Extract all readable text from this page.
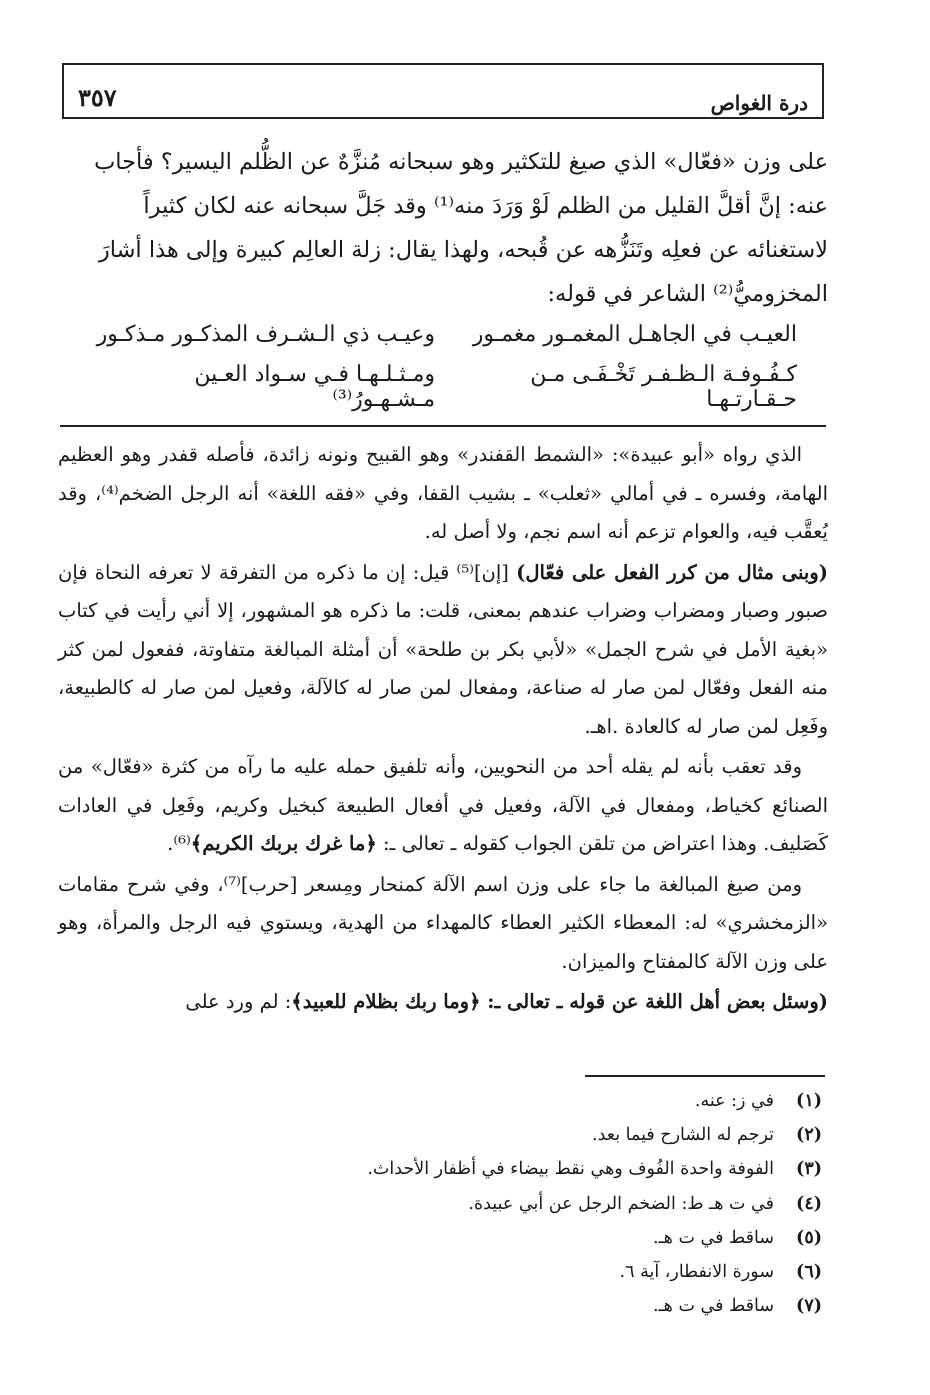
درة الغواص
٣٥٧

على وزن «فعّال» الذي صيغ للتكثير وهو سبحانه مُنزَّهٌ عن الظُّلم اليسير؟ فأجاب

عنه: إنَّ أقلَّ القليل من الظلم لَوْ وَرَدَ منه⁽¹⁾ وقد جَلَّ سبحانه عنه لكان كثيراً

لاستغنائه عن فعلِه وتَنَزُّهه عن قُبحه، ولهذا يقال: زلة العالِم كبيرة وإلى هذا أشارَ

المخزوميُّ⁽²⁾ الشاعر في قوله:

العيـب في الجاهـل المغمـور مغمـور
وعيـب ذي الـشـرف المذكـور مـذكـور
كـفُـوفـة الـظـفـر تَخْـفَـى مـن حـقـارتـهـا
ومـثـلـهـا فـي سـواد العـين مـشـهـورُ⁽³⁾

الذي رواه «أبو عبيدة»: «الشمط القفندر» وهو القبيح ونونه زائدة، فأصله قفدر وهو العظيم الهامة، وفسره ـ في أمالي «ثعلب» ـ بشيب القفا، وفي «فقه اللغة» أنه الرجل الضخم⁽⁴⁾، وقد يُعقَّب فيه، والعوام تزعم أنه اسم نجم، ولا أصل له.

(وبنى مثال من كرر الفعل على فعّال) [إن]⁽⁵⁾ قيل: إن ما ذكره من التفرقة لا تعرفه النحاة فإن صبور وصبار ومضراب وضراب عندهم بمعنى، قلت: ما ذكره هو المشهور، إلا أني رأيت في كتاب «بغية الأمل في شرح الجمل» «لأبي بكر بن طلحة» أن أمثلة المبالغة متفاوتة، ففعول لمن كثر منه الفعل وفعّال لمن صار له صناعة، ومفعال لمن صار له كالآلة، وفعيل لمن صار له كالطبيعة، وفَعِل لمن صار له كالعادة .اهـ.

وقد تعقب بأنه لم يقله أحد من النحويين، وأنه تلفيق حمله عليه ما رآه من كثرة «فعّال» من الصنائع كخياط، ومفعال في الآلة، وفعيل في أفعال الطبيعة كبخيل وكريم، وفَعِل في العادات كَصَليف. وهذا اعتراض من تلقن الجواب كقوله ـ تعالى ـ: ﴿ما غرك بربك الكريم﴾⁽⁶⁾.

ومن صيغ المبالغة ما جاء على وزن اسم الآلة كمنحار ومِسعر [حرب]⁽⁷⁾، وفي شرح مقامات «الزمخشري» له: المعطاء الكثير العطاء كالمهداء من الهدية، ويستوي فيه الرجل والمرأة، وهو على وزن الآلة كالمفتاح والميزان.

(وسئل بعض أهل اللغة عن قوله ـ تعالى ـ: ﴿وما ربك بظلام للعبيد﴾: لم ورد على

(١)
في ز: عنه.
(٢)
ترجم له الشارح فيما بعد.
(٣)
الفوفة واحدة الفُوف وهي نقط بيضاء في أظفار الأحداث.
(٤)
في ت هـ ط: الضخم الرجل عن أبي عبيدة.
(٥)
ساقط في ت هـ.
(٦)
سورة الانفطار، آية ٦.
(٧)
ساقط في ت هـ.
